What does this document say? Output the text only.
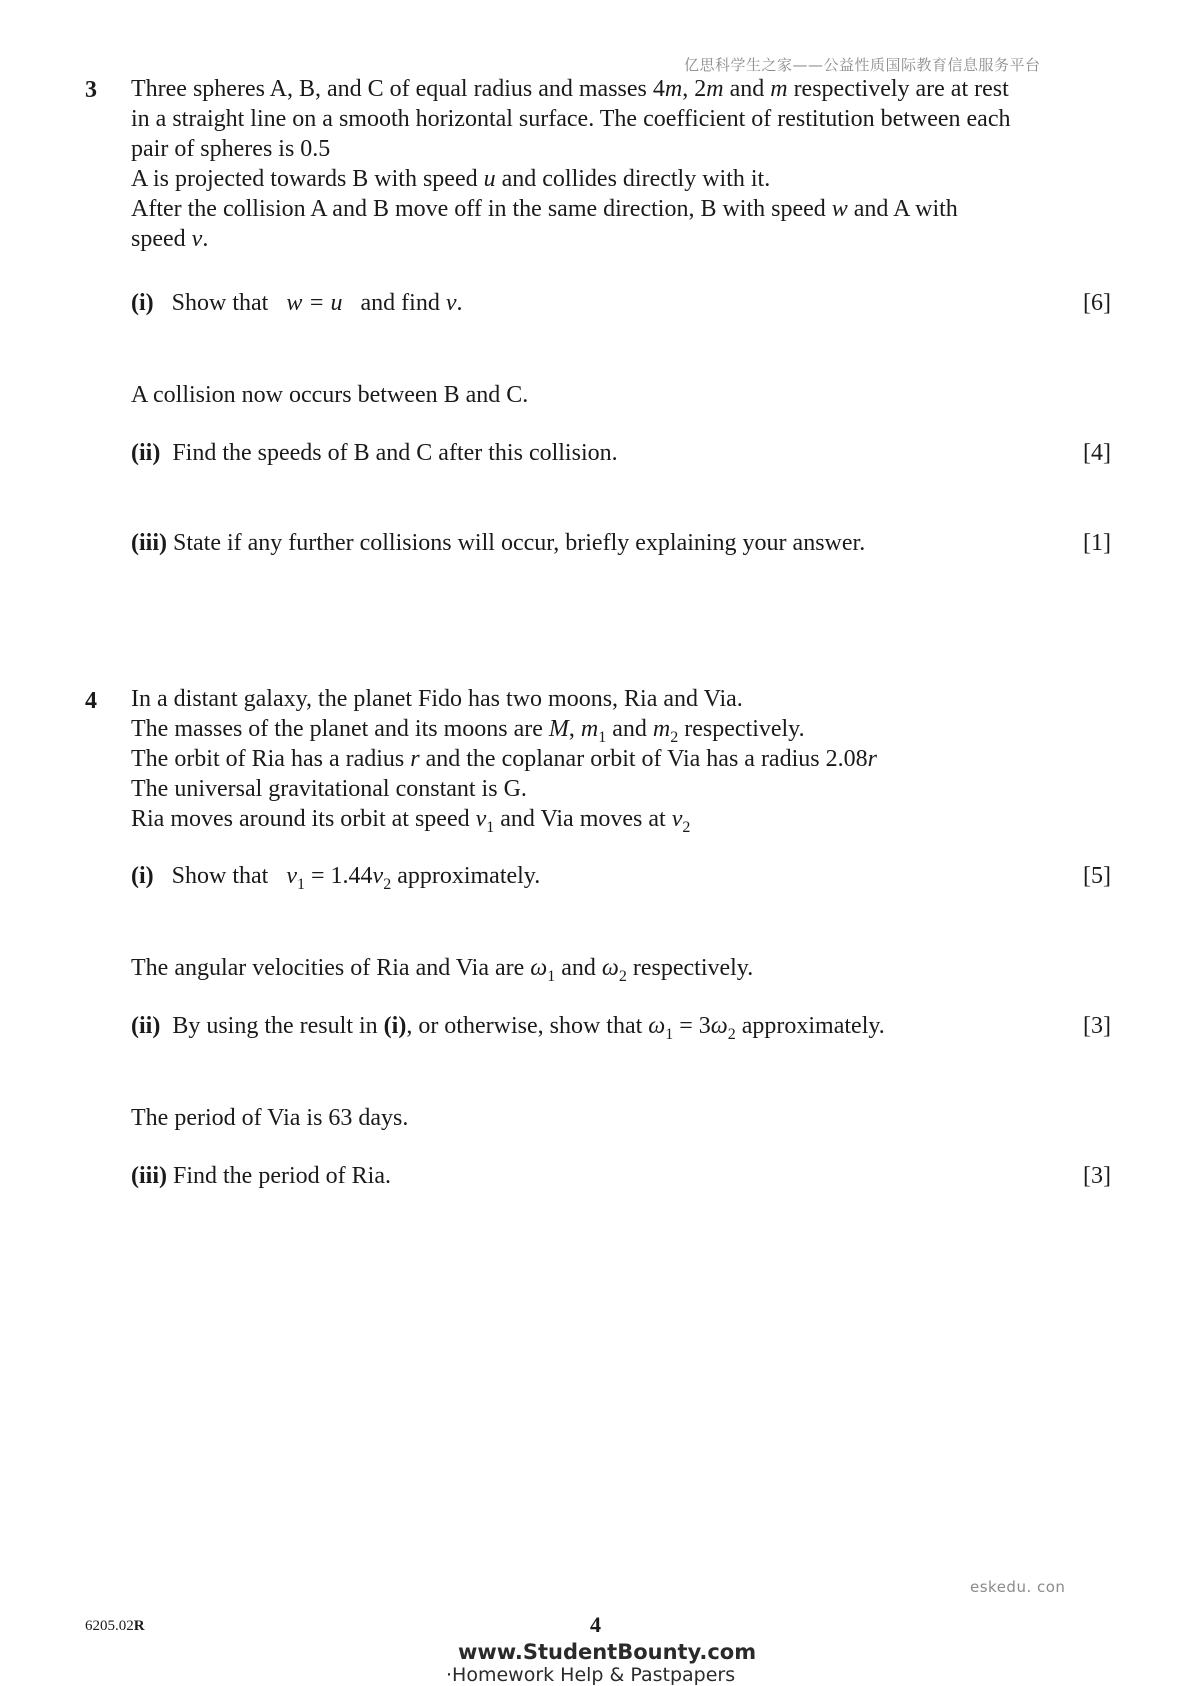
亿思科学生之家——公益性质国际教育信息服务平台
3 Three spheres A, B, and C of equal radius and masses 4m, 2m and m respectively are at rest
in a straight line on a smooth horizontal surface. The coefficient of restitution between each
pair of spheres is 0.5
A is projected towards B with speed u and collides directly with it.
After the collision A and B move off in the same direction, B with speed w and A with
speed v.
(i) Show that w = u and find v.	[6]
A collision now occurs between B and C.
(ii) Find the speeds of B and C after this collision.	[4]
(iii) State if any further collisions will occur, briefly explaining your answer.	[1]
4 In a distant galaxy, the planet Fido has two moons, Ria and Via.
The masses of the planet and its moons are M, $m_1$ and $m_2$ respectively.
The orbit of Ria has a radius r and the coplanar orbit of Via has a radius 2.08r
The universal gravitational constant is G.
Ria moves around its orbit at speed $v_1$ and Via moves at $v_2$
(i) Show that $v_1 = 1.44v_2$ approximately.	[5]
The angular velocities of Ria and Via are $\omega_1$ and $\omega_2$ respectively.
(ii) By using the result in (i), or otherwise, show that $\omega_1 = 3\omega_2$ approximately.	[3]
The period of Via is 63 days.
(iii) Find the period of Ria.	[3]
eskedu. con
6205.02R	4
www.StudentBounty.com
·Homework Help & Pastpapers
